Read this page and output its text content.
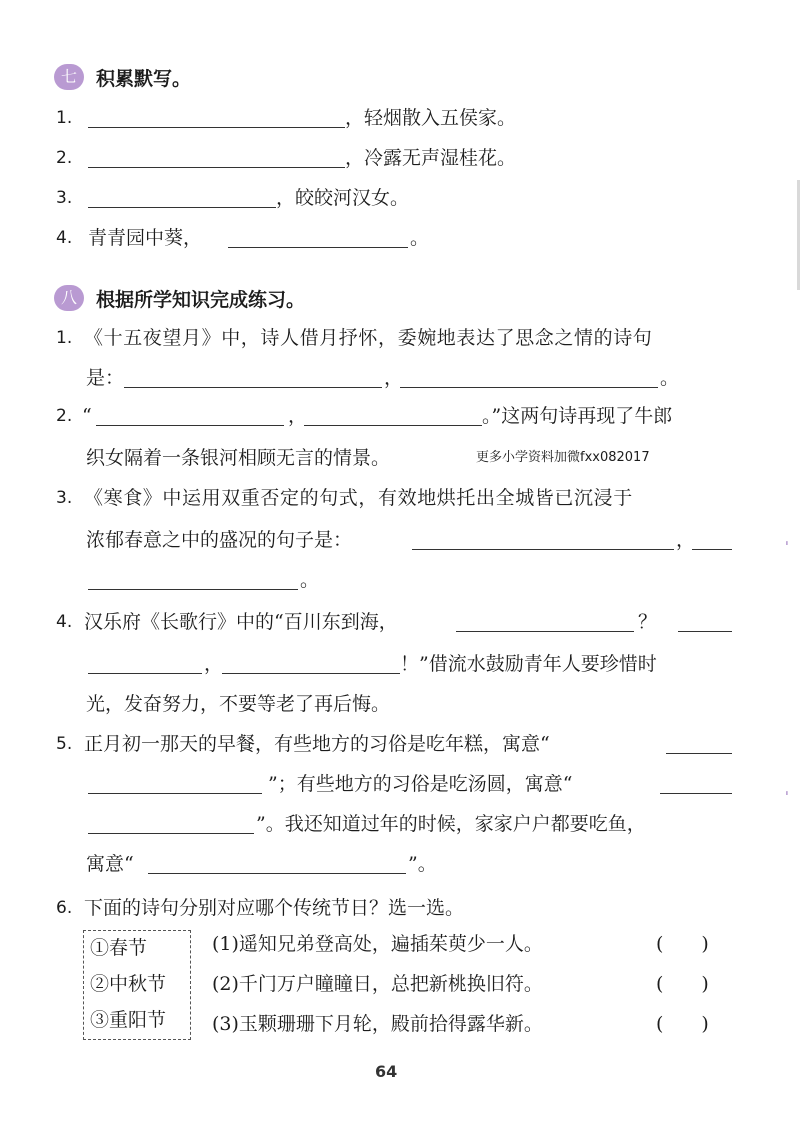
七	积累默写。
1.	，轻烟散入五侯家。
2.	，冷露无声湿桂花。
3.	，皎皎河汉女。
4. 青青园中葵，	。
八	根据所学知识完成练习。
1. 《十五夜望月》中，诗人借月抒怀，委婉地表达了思念之情的诗句
是：	，	。
2. “	，	。”这两句诗再现了牛郎
织女隔着一条银河相顾无言的情景。	更多小学资料加微fxx082017
3. 《寒食》中运用双重否定的句式，有效地烘托出全城皆已沉浸于
浓郁春意之中的盛况的句子是：	，
。
4. 汉乐府《长歌行》中的“百川东到海，	？
，	！”借流水鼓励青年人要珍惜时
光，发奋努力，不要等老了再后悔。
5. 正月初一那天的早餐，有些地方的习俗是吃年糕，寓意“
”；有些地方的习俗是吃汤圆，寓意“
”。我还知道过年的时候，家家户户都要吃鱼，
寓意“	”。
6. 下面的诗句分别对应哪个传统节日？选一选。
①春节
②中秋节
③重阳节
(1)遥知兄弟登高处，遍插茱萸少一人。	(　　)
(2)千门万户瞳瞳日，总把新桃换旧符。	(　　)
(3)玉颗珊珊下月轮，殿前拾得露华新。	(　　)
64
ˈ
ˈ
